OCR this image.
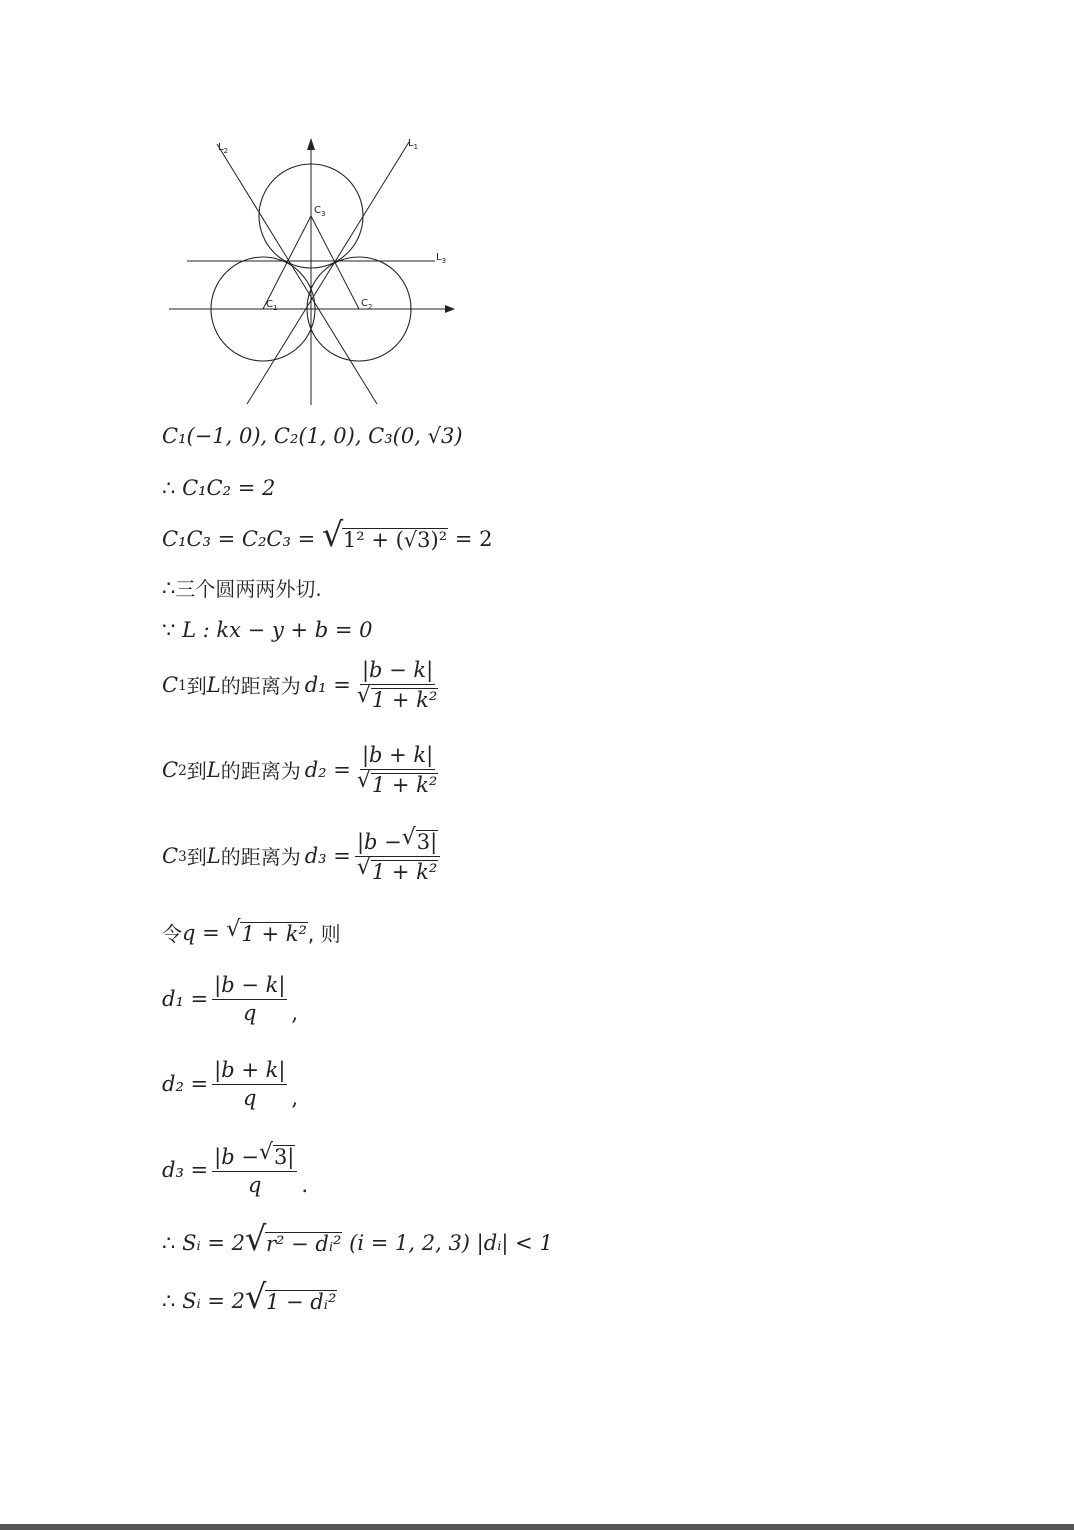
$L_1$
$L_2$
$L_3$
$C_1$	$C_2$
$C_3$
C₁(−1, 0), C₂(1, 0), C₃(0, √3)
∴
C₁C₂ = 2
C₁C₃ = C₂C₃ =
	√ 1² + (√3)²
= 2
∴ 三个圆两两外切.
∵
L : kx − y + b = 0
C 1 到 L 的距离为 d₁ = |b − k|
√ 1 + k²
C 2 到 L 的距离为 d₂ = |b + k|
√ 1 + k²
C 3 到 L 的距离为 d₃ = |b − √ 3|
√ 1 + k²
令 q =
	√ 1 + k² , 则
$d_1 = \frac{|b - k|}{q}$ ,
$d_2 = \frac{|b + k|}{q}$ ,
$d_3 = \frac{|b - √ 3|}{q}$ .
∴
Sᵢ = 2	√ r² − dᵢ²
(i = 1, 2, 3) |dᵢ| < 1
∴
Sᵢ = 2	√ 1 − dᵢ²
